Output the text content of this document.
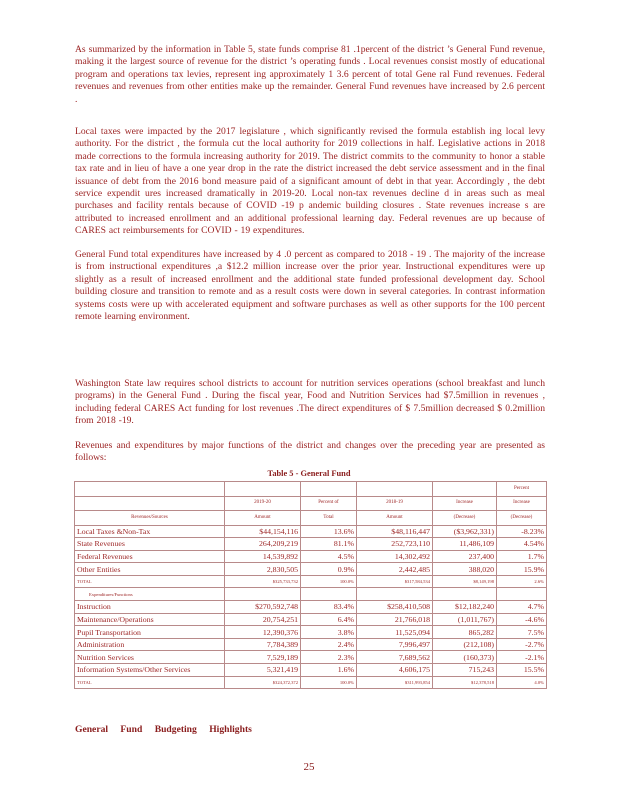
As summarized by the information in Table 5, state funds comprise 81 .1percent of the district ’s General Fund revenue, making it the largest source of revenue for the district ’s operating funds . Local revenues consist mostly of educational program and operations tax levies, represent ing approximately 1 3.6 percent of total Gene ral Fund revenues. Federal revenues and revenues from other entities make up the remainder. General Fund revenues have increased by 2.6 percent .

Local taxes were impacted by the 2017 legislature , which significantly revised the formula establish ing local levy authority. For the district , the formula cut the local authority for 2019 collections in half. Legislative actions in 2018 made corrections to the formula increasing authority for 2019. The district commits to the community to honor a stable tax rate and in lieu of have a one year drop in the rate the district increased the debt service assessment and in the final issuance of debt from the 2016 bond measure paid of a significant amount of debt in that year. Accordingly , the debt service expendit ures increased dramatically in 2019-20. Local non-tax revenues decline d in areas such as meal purchases and facility rentals because of COVID -19 p andemic building closures . State revenues increase s are attributed to increased enrollment and an additional professional learning day. Federal revenues are up because of CARES act reimbursements for COVID - 19 expenditures.

General Fund total expenditures have increased by 4 .0 percent as compared to 2018 - 19 . The majority of the increase is from instructional expenditures ,a $12.2 million increase over the prior year. Instructional expenditures were up slightly as a result of increased enrollment and the additional state funded professional development day. School building closure and transition to remote and as a result costs were down in several categories. In contrast information systems costs were up with accelerated equipment and software purchases as well as other supports for the 100 percent remote learning environment.

Washington State law requires school districts to account for nutrition services operations (school breakfast and lunch programs) in the General Fund . During the fiscal year, Food and Nutrition Services had $7.5million in revenues , including federal CARES Act funding for lost revenues .The direct expenditures of $ 7.5million decreased $ 0.2million from 2018 -19.

Revenues and expenditures by major functions of the district and changes over the preceding year are presented as follows:

Table 5 - General Fund
					Percent
	2019-20	Percent of	2018-19	Increase	Increase
Revenues/Sources	Amount	Total	Amount	(Decrease)	(Decrease)
Local Taxes &Non-Tax	$44,154,116	13.6%	$48,116,447	($3,962,331)	-8.23%
State Revenues	264,209,219	81.1%	252,723,110	11,486,109	4.54%
Federal Revenues	14,539,892	4.5%	14,302,492	237,400	1.7%
Other Entities	2,830,505	0.9%	2,442,485	388,020	15.9%
TOTAL	$325,733,732	100.0%	$317,584,534	$8,149,198	2.6%
Expenditures/Functions					
Instruction	$270,592,748	83.4%	$258,410,508	$12,182,240	4.7%
Maintenance/Operations	20,754,251	6.4%	21,766,018	(1,011,767)	-4.6%
Pupil Transportation	12,390,376	3.8%	11,525,094	865,282	7.5%
Administration	7,784,389	2.4%	7,996,497	(212,108)	-2.7%
Nutrition Services	7,529,189	2.3%	7,689,562	(160,373)	-2.1%
Information Systems/Other Services	5,321,419	1.6%	4,606,175	715,243	15.5%
TOTAL	$324,372,372	100.0%	$311,993,854	$12,378,518	4.0%
General Fund Budgeting Highlights
25
